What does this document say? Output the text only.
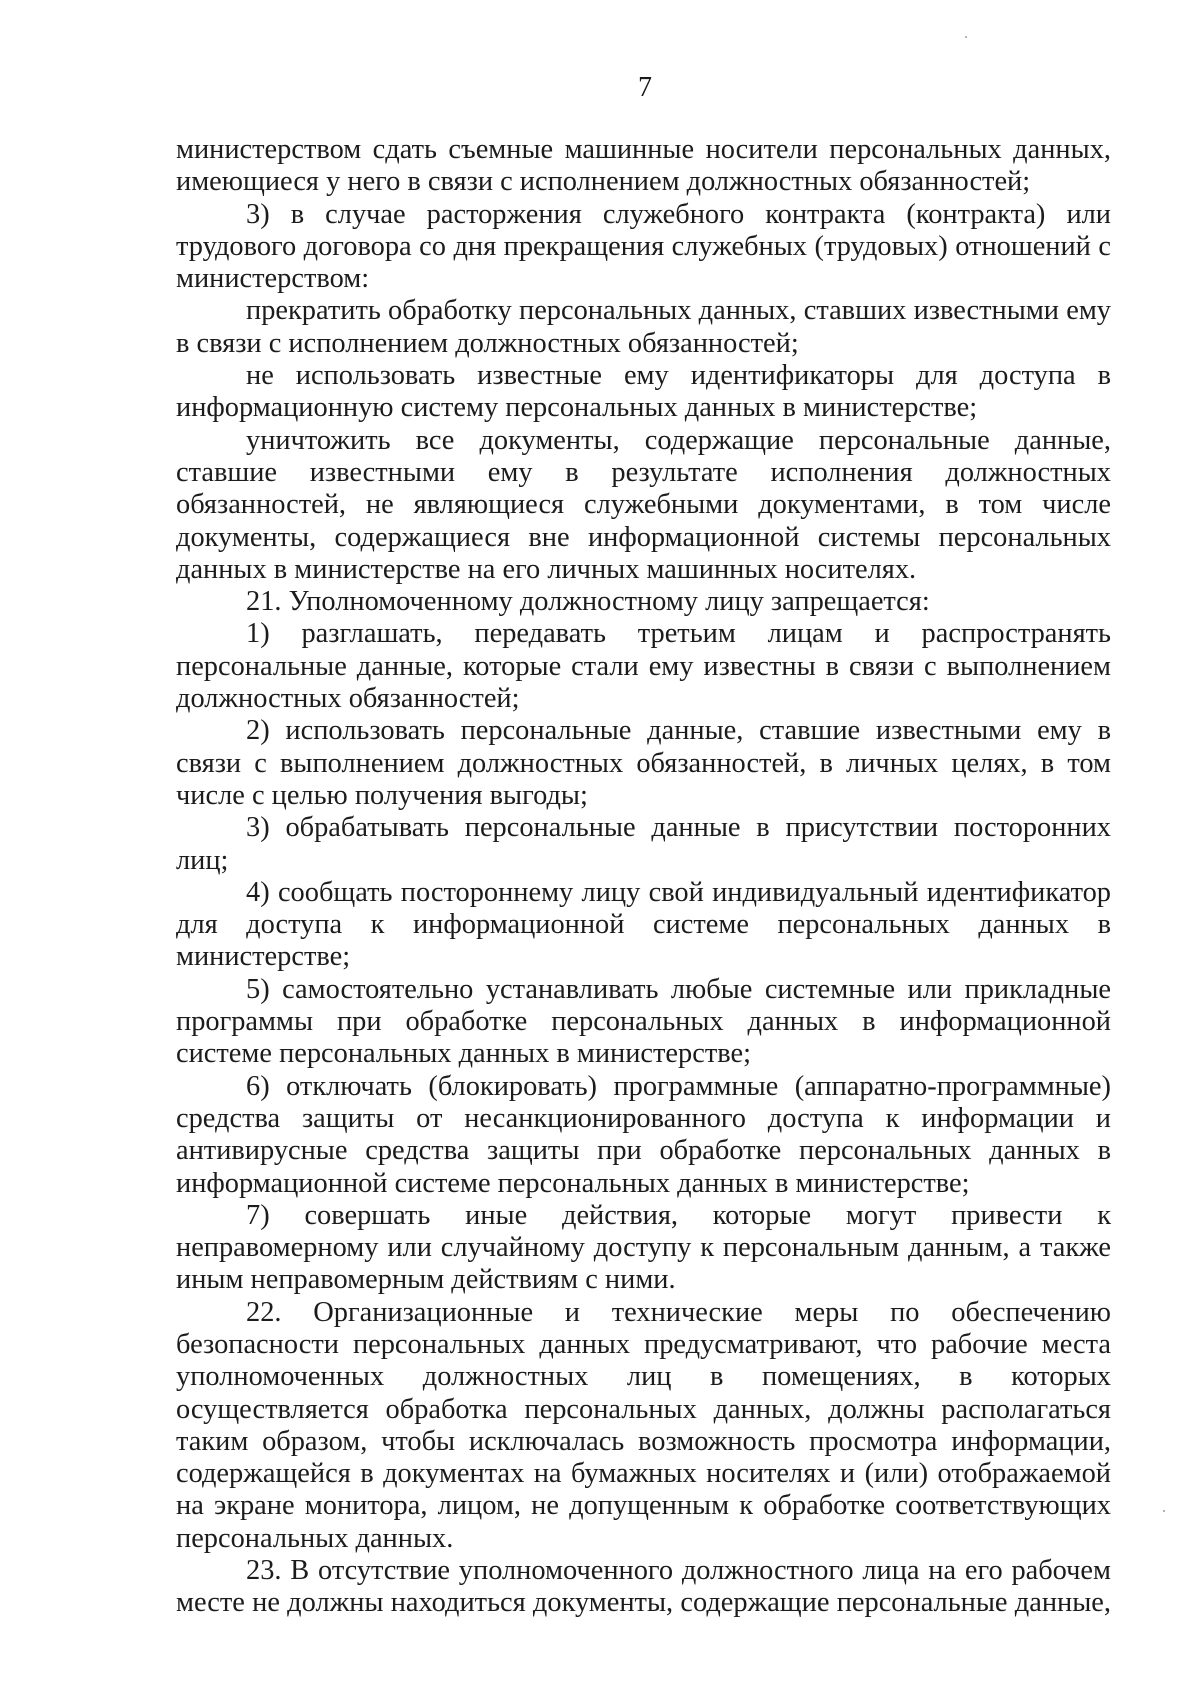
7

министерством сдать съемные машинные носители персональных данных, имеющиеся у него в связи с исполнением должностных обязанностей;

3) в случае расторжения служебного контракта (контракта) или трудового договора со дня прекращения служебных (трудовых) отношений с министерством:

прекратить обработку персональных данных, ставших известными ему в связи с исполнением должностных обязанностей;

не использовать известные ему идентификаторы для доступа в информационную систему персональных данных в министерстве;

уничтожить все документы, содержащие персональные данные, ставшие известными ему в результате исполнения должностных обязанностей, не являющиеся служебными документами, в том числе документы, содержащиеся вне информационной системы персональных данных в министерстве на его личных машинных носителях.

21. Уполномоченному должностному лицу запрещается:

1) разглашать, передавать третьим лицам и распространять персональные данные, которые стали ему известны в связи с выполнением должностных обязанностей;

2) использовать персональные данные, ставшие известными ему в связи с выполнением должностных обязанностей, в личных целях, в том числе с целью получения выгоды;

3) обрабатывать персональные данные в присутствии посторонних лиц;

4) сообщать постороннему лицу свой индивидуальный идентификатор для доступа к информационной системе персональных данных в министерстве;

5) самостоятельно устанавливать любые системные или прикладные программы при обработке персональных данных в информационной системе персональных данных в министерстве;

6) отключать (блокировать) программные (аппаратно-программные) средства защиты от несанкционированного доступа к информации и антивирусные средства защиты при обработке персональных данных в информационной системе персональных данных в министерстве;

7) совершать иные действия, которые могут привести к неправомерному или случайному доступу к персональным данным, а также иным неправомерным действиям с ними.

22. Организационные и технические меры по обеспечению безопасности персональных данных предусматривают, что рабочие места уполномоченных должностных лиц в помещениях, в которых осуществляется обработка персональных данных, должны располагаться таким образом, чтобы исключалась возможность просмотра информации, содержащейся в документах на бумажных носителях и (или) отображаемой на экране монитора, лицом, не допущенным к обработке соответствующих персональных данных.

23. В отсутствие уполномоченного должностного лица на его рабочем месте не должны находиться документы, содержащие персональные данные,
